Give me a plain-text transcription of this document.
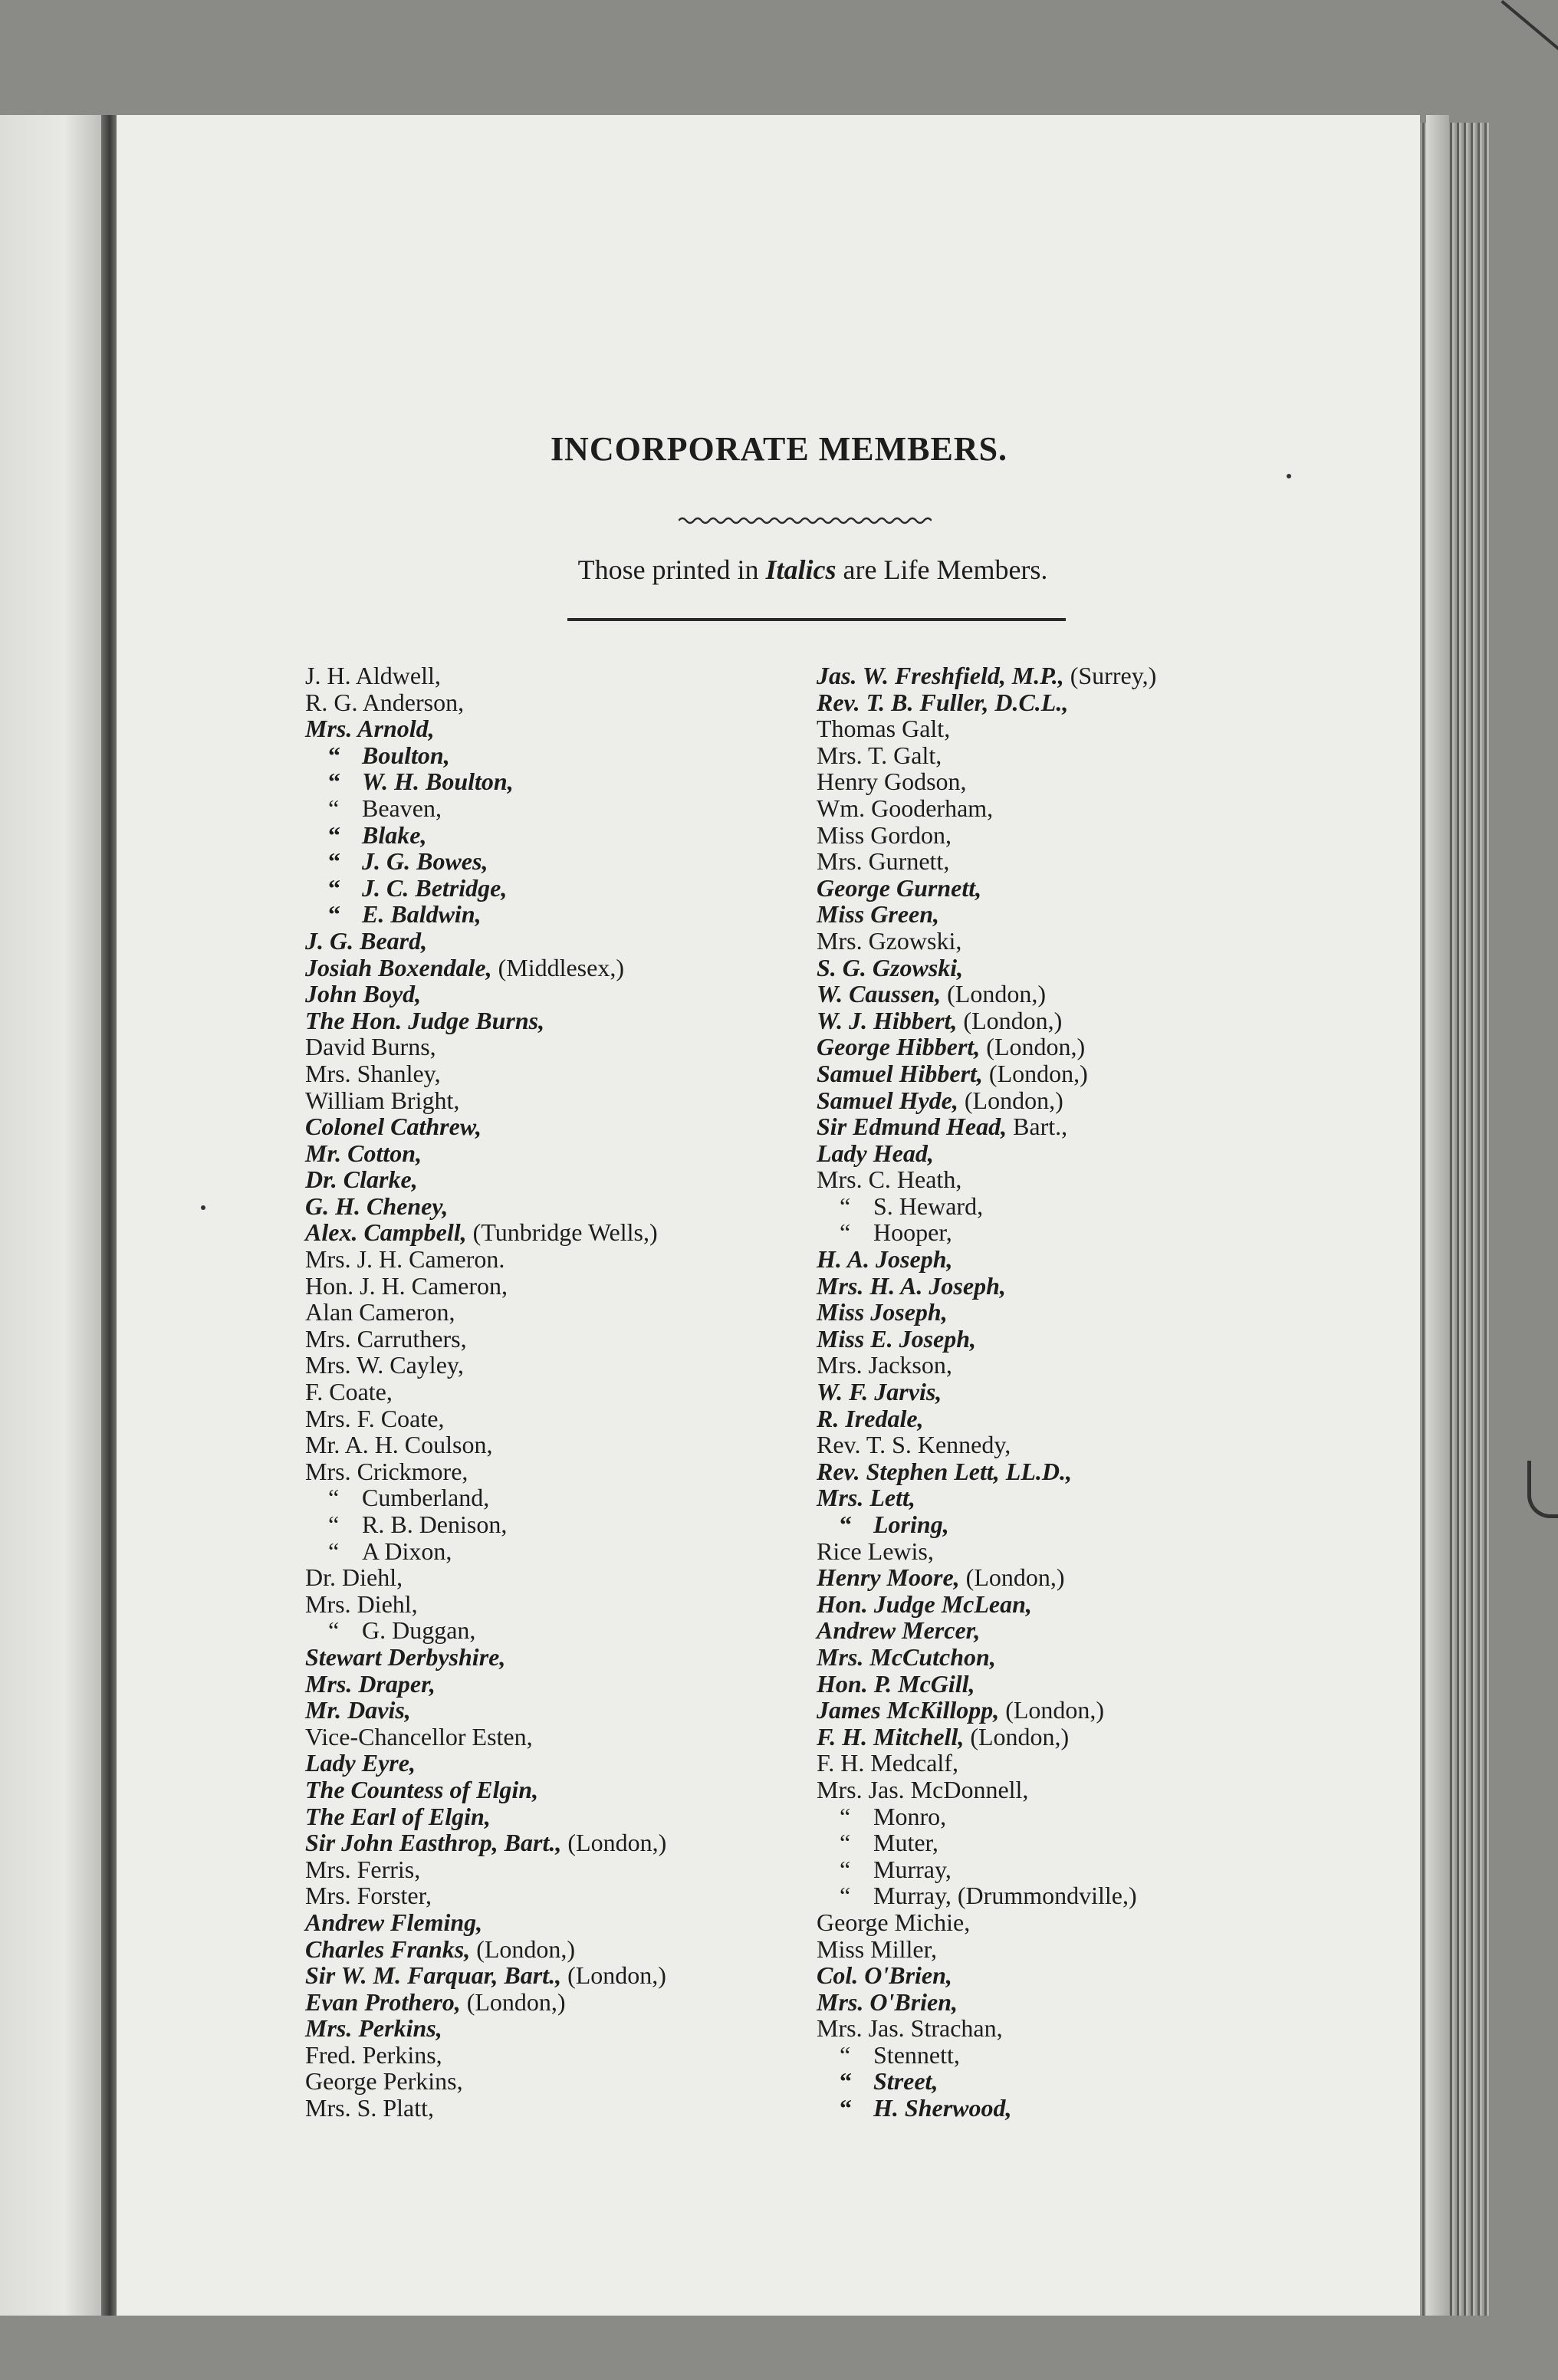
INCORPORATE MEMBERS.
Those printed in Italics are Life Members.
J. H. Aldwell,
R. G. Anderson,
Mrs. Arnold,
“ Boulton,
“ W. H. Boulton,
“ Beaven,
“ Blake,
“ J. G. Bowes,
“ J. C. Betridge,
“ E. Baldwin,
J. G. Beard,
Josiah Boxendale, (Middlesex,)
John Boyd,
The Hon. Judge Burns,
David Burns,
Mrs. Shanley,
William Bright,
Colonel Cathrew,
Mr. Cotton,
Dr. Clarke,
G. H. Cheney,
Alex. Campbell, (Tunbridge Wells,)
Mrs. J. H. Cameron.
Hon. J. H. Cameron,
Alan Cameron,
Mrs. Carruthers,
Mrs. W. Cayley,
F. Coate,
Mrs. F. Coate,
Mr. A. H. Coulson,
Mrs. Crickmore,
“ Cumberland,
“ R. B. Denison,
“ A Dixon,
Dr. Diehl,
Mrs. Diehl,
“ G. Duggan,
Stewart Derbyshire,
Mrs. Draper,
Mr. Davis,
Vice-Chancellor Esten,
Lady Eyre,
The Countess of Elgin,
The Earl of Elgin,
Sir John Easthrop, Bart., (London,)
Mrs. Ferris,
Mrs. Forster,
Andrew Fleming,
Charles Franks, (London,)
Sir W. M. Farquar, Bart., (London,)
Evan Prothero, (London,)
Mrs. Perkins,
Fred. Perkins,
George Perkins,
Mrs. S. Platt,
Jas. W. Freshfield, M.P., (Surrey,)
Rev. T. B. Fuller, D.C.L.,
Thomas Galt,
Mrs. T. Galt,
Henry Godson,
Wm. Gooderham,
Miss Gordon,
Mrs. Gurnett,
George Gurnett,
Miss Green,
Mrs. Gzowski,
S. G. Gzowski,
W. Caussen, (London,)
W. J. Hibbert, (London,)
George Hibbert, (London,)
Samuel Hibbert, (London,)
Samuel Hyde, (London,)
Sir Edmund Head, Bart.,
Lady Head,
Mrs. C. Heath,
“ S. Heward,
“ Hooper,
H. A. Joseph,
Mrs. H. A. Joseph,
Miss Joseph,
Miss E. Joseph,
Mrs. Jackson,
W. F. Jarvis,
R. Iredale,
Rev. T. S. Kennedy,
Rev. Stephen Lett, LL.D.,
Mrs. Lett,
“ Loring,
Rice Lewis,
Henry Moore, (London,)
Hon. Judge McLean,
Andrew Mercer,
Mrs. McCutchon,
Hon. P. McGill,
James McKillopp, (London,)
F. H. Mitchell, (London,)
F. H. Medcalf,
Mrs. Jas. McDonnell,
“ Monro,
“ Muter,
“ Murray,
“ Murray, (Drummondville,)
George Michie,
Miss Miller,
Col. O'Brien,
Mrs. O'Brien,
Mrs. Jas. Strachan,
“ Stennett,
“ Street,
“ H. Sherwood,
